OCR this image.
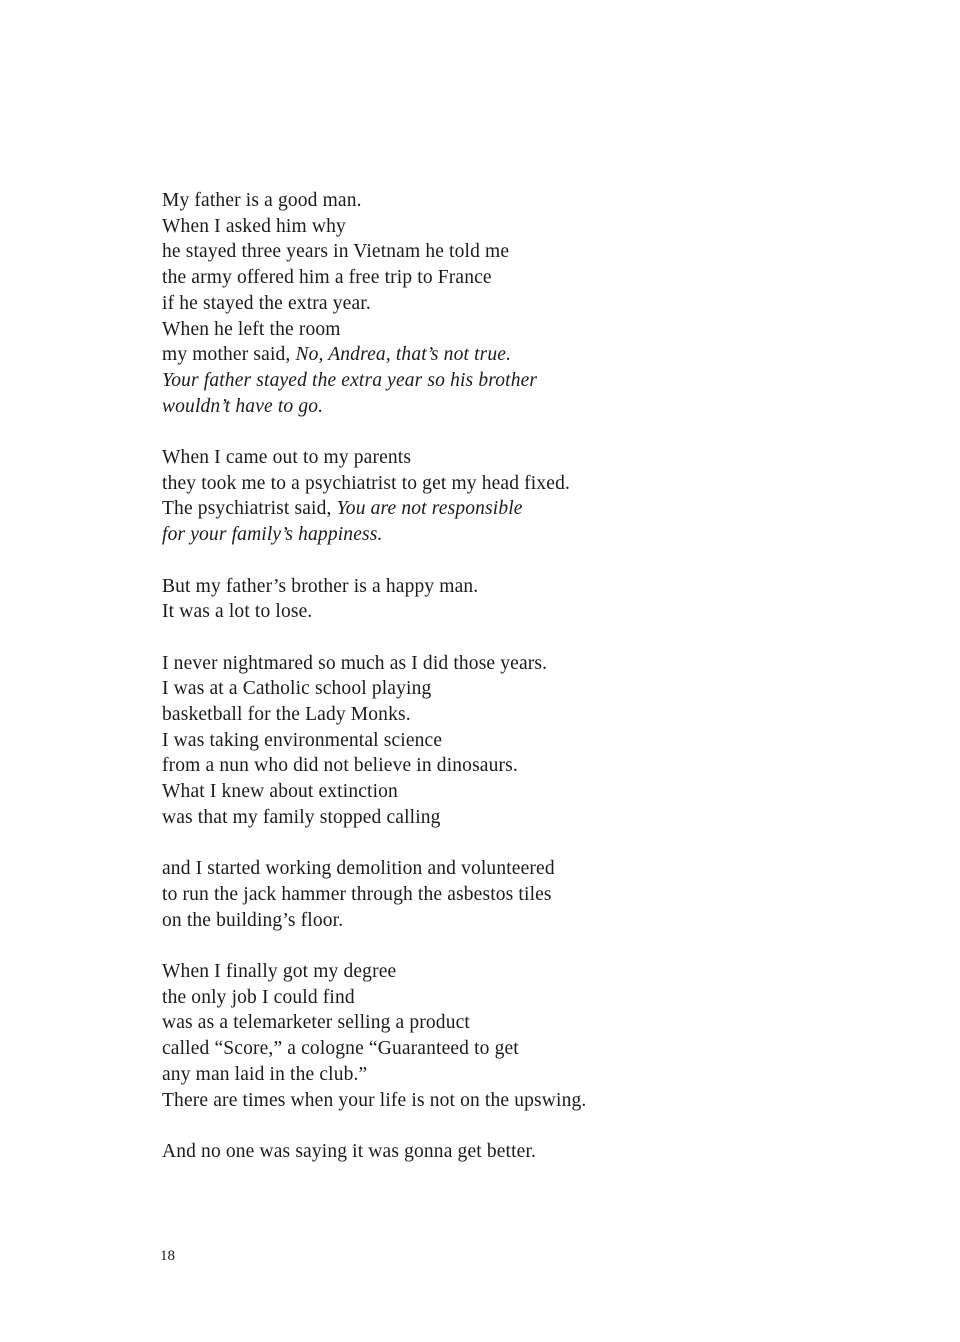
My father is a good man.
When I asked him why
he stayed three years in Vietnam he told me
the army offered him a free trip to France
if he stayed the extra year.
When he left the room
my mother said, No, Andrea, that’s not true.
Your father stayed the extra year so his brother
wouldn’t have to go.
When I came out to my parents
they took me to a psychiatrist to get my head fixed.
The psychiatrist said, You are not responsible
for your family’s happiness.
But my father’s brother is a happy man.
It was a lot to lose.
I never nightmared so much as I did those years.
I was at a Catholic school playing
basketball for the Lady Monks.
I was taking environmental science
from a nun who did not believe in dinosaurs.
What I knew about extinction
was that my family stopped calling
and I started working demolition and volunteered
to run the jack hammer through the asbestos tiles
on the building’s floor.
When I finally got my degree
the only job I could find
was as a telemarketer selling a product
called “Score,” a cologne “Guaranteed to get
any man laid in the club.”
There are times when your life is not on the upswing.
And no one was saying it was gonna get better.
18
